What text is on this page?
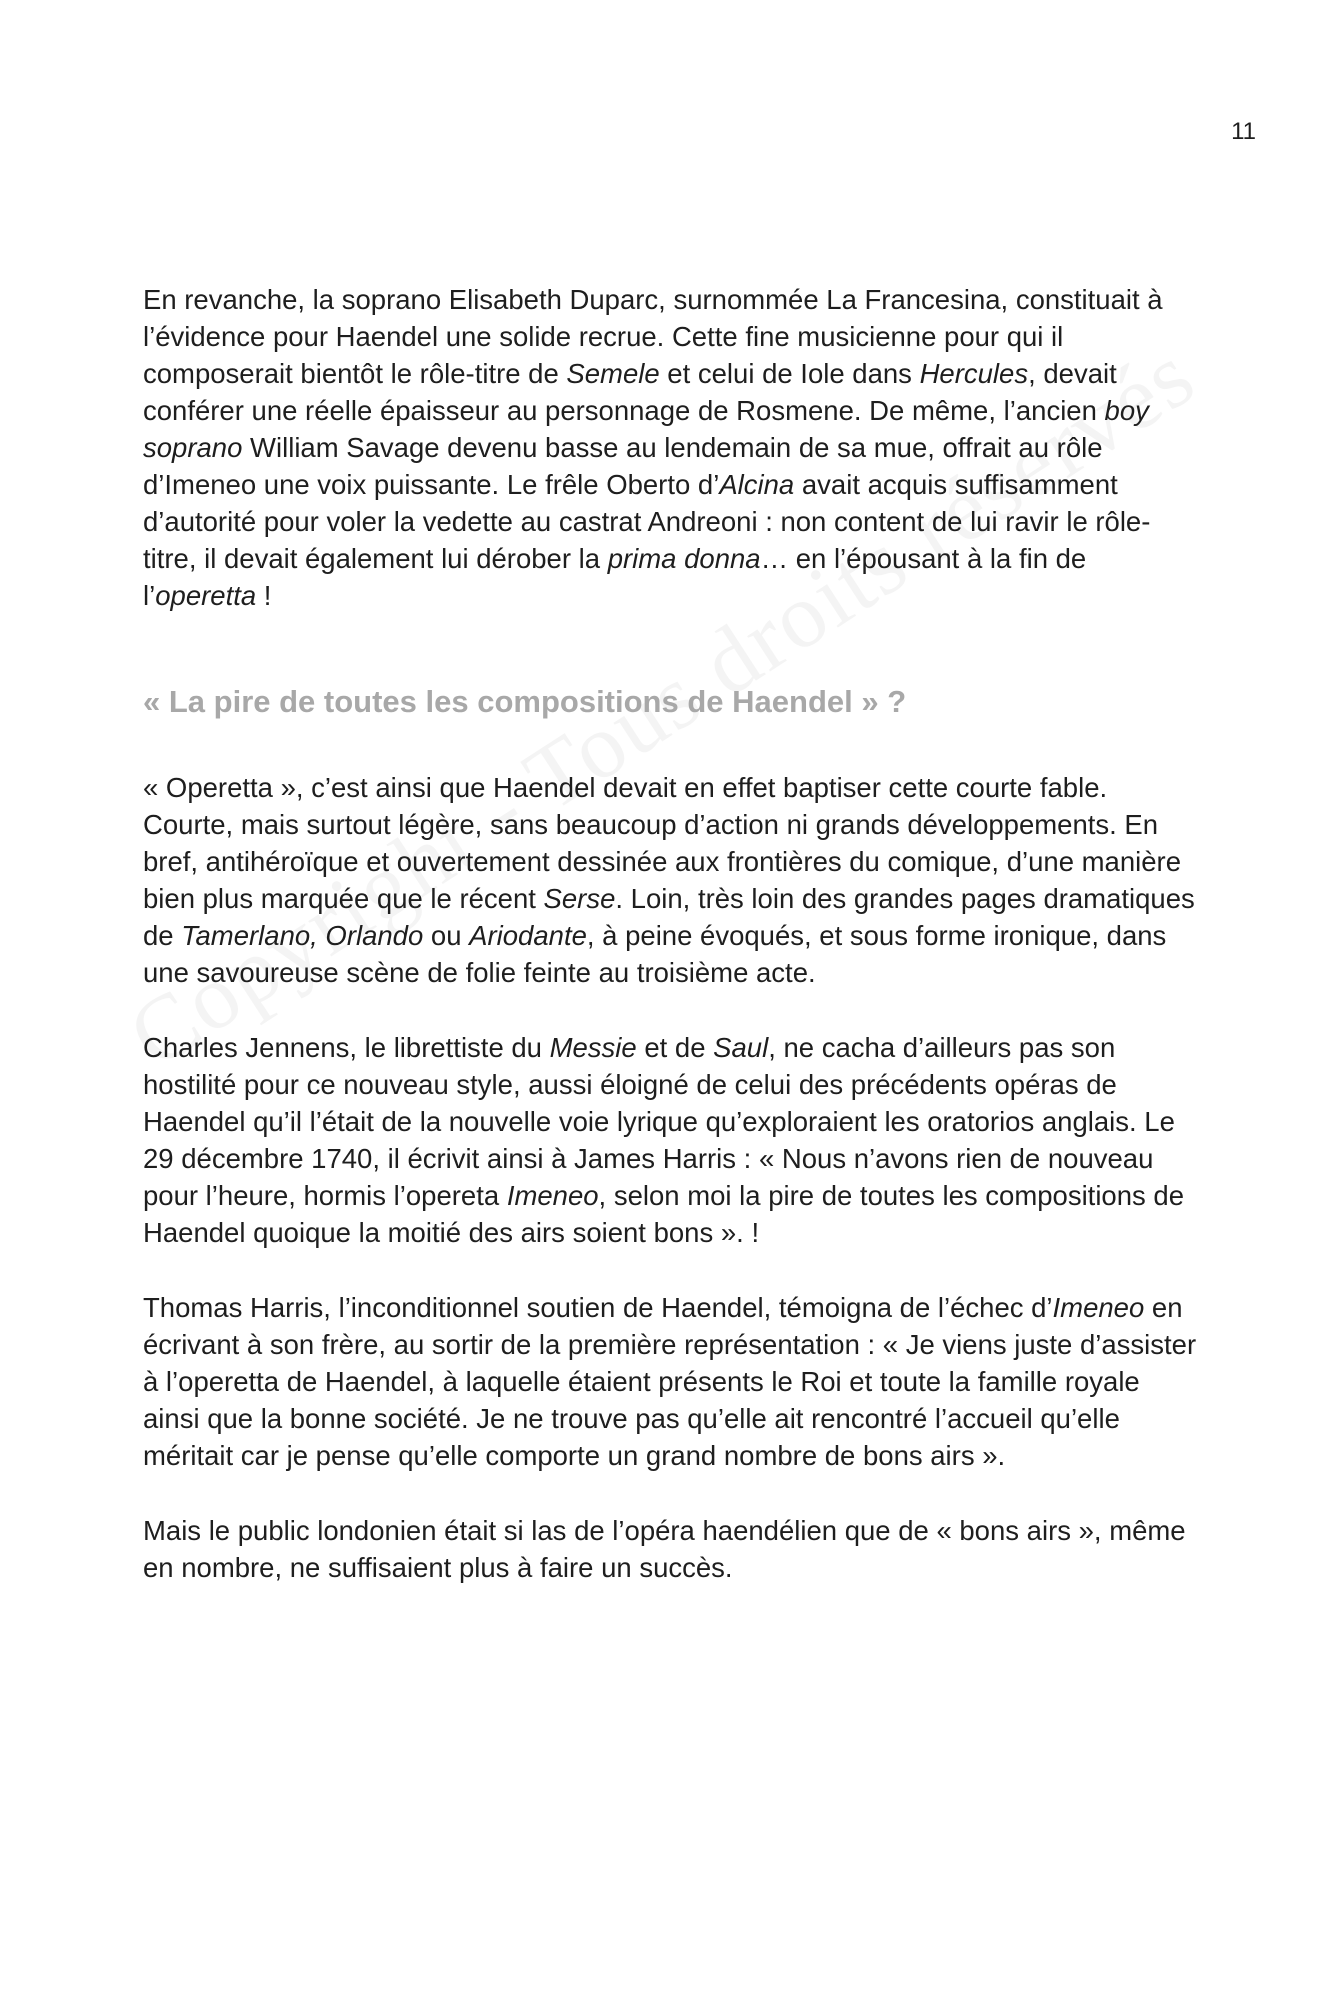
11

En revanche, la soprano Elisabeth Duparc, surnommée La Francesina, constituait à l’évidence pour Haendel une solide recrue. Cette fine musicienne pour qui il composerait bientôt le rôle-titre de Semele et celui de Iole dans Hercules, devait conférer une réelle épaisseur au personnage de Rosmene. De même, l’ancien boy soprano William Savage devenu basse au lendemain de sa mue, offrait au rôle d’Imeneo une voix puissante. Le frêle Oberto d’Alcina avait acquis suffisamment d’autorité pour voler la vedette au castrat Andreoni : non content de lui ravir le rôle-titre, il devait également lui dérober la prima donna… en l’épousant à la fin de l’operetta !

« La pire de toutes les compositions de Haendel » ?

« Operetta », c’est ainsi que Haendel devait en effet baptiser cette courte fable. Courte, mais surtout légère, sans beaucoup d’action ni grands développements. En bref, antihéroïque et ouvertement dessinée aux frontières du comique, d’une manière bien plus marquée que le récent Serse. Loin, très loin des grandes pages dramatiques de Tamerlano, Orlando ou Ariodante, à peine évoqués, et sous forme ironique, dans une savoureuse scène de folie feinte au troisième acte.

Charles Jennens, le librettiste du Messie et de Saul, ne cacha d’ailleurs pas son hostilité pour ce nouveau style, aussi éloigné de celui des précédents opéras de Haendel qu’il l’était de la nouvelle voie lyrique qu’exploraient les oratorios anglais. Le 29 décembre 1740, il écrivit ainsi à James Harris : « Nous n’avons rien de nouveau pour l’heure, hormis l’opereta Imeneo, selon moi la pire de toutes les compositions de Haendel quoique la moitié des airs soient bons ». !

Thomas Harris, l’inconditionnel soutien de Haendel, témoigna de l’échec d’Imeneo en écrivant à son frère, au sortir de la première représentation : « Je viens juste d’assister à l’operetta de Haendel, à laquelle étaient présents le Roi et toute la famille royale ainsi que la bonne société. Je ne trouve pas qu’elle ait rencontré l’accueil qu’elle méritait car je pense qu’elle comporte un grand nombre de bons airs ».

Mais le public londonien était si las de l’opéra haendélien que de « bons airs », même en nombre, ne suffisaient plus à faire un succès.
